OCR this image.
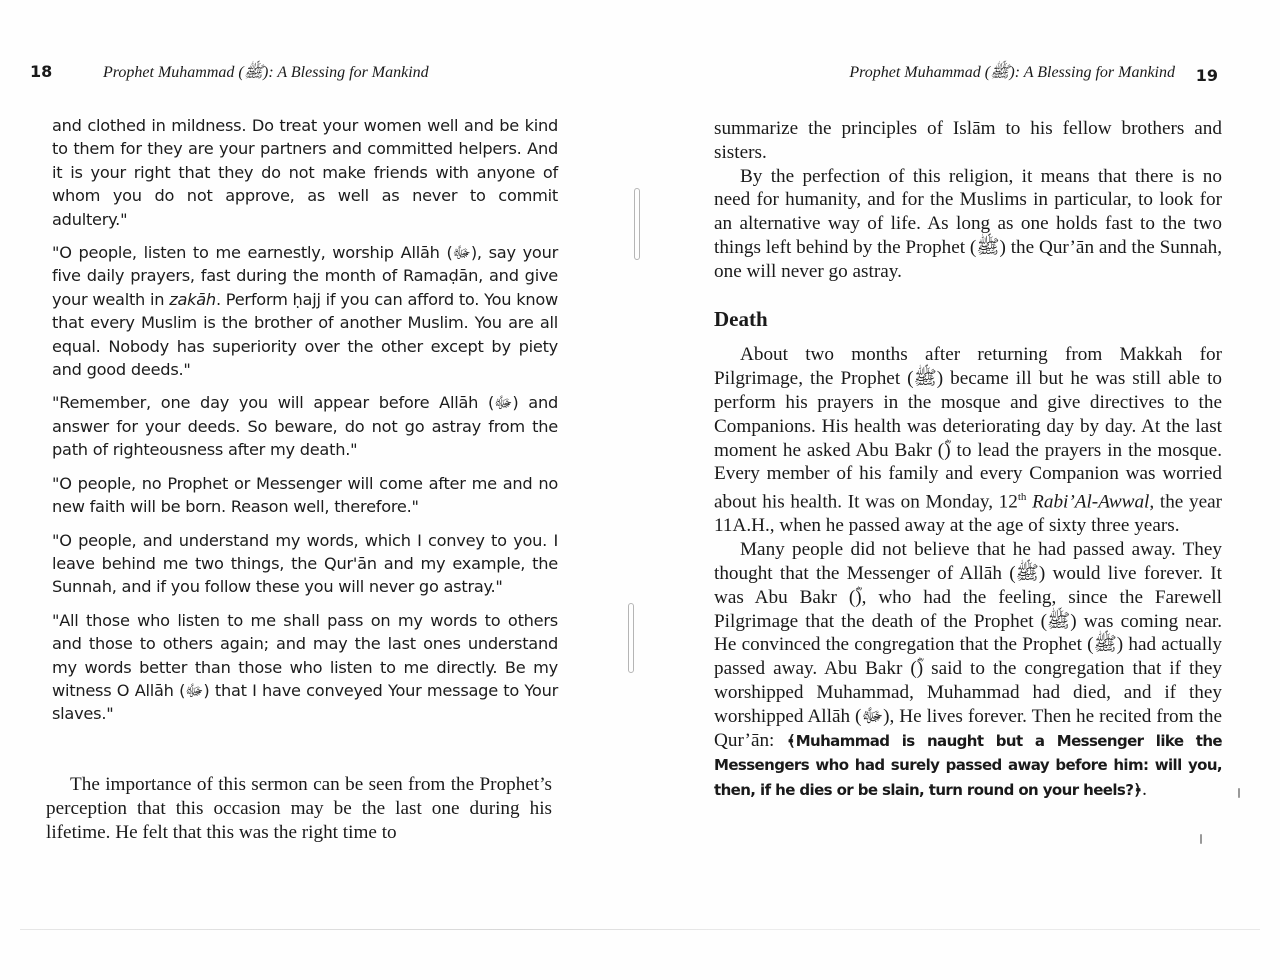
18	Prophet Muhammad (ﷺ): A Blessing for Mankind

and clothed in mildness. Do treat your women well and be kind to them for they are your partners and committed helpers. And it is your right that they do not make friends with anyone of whom you do not approve, as well as never to commit adultery."

"O people, listen to me earnestly, worship Allāh (ﷻ), say your five daily prayers, fast during the month of Ramaḍān, and give your wealth in zakāh. Perform ḥajj if you can afford to. You know that every Muslim is the brother of another Muslim. You are all equal. Nobody has superiority over the other except by piety and good deeds."

"Remember, one day you will appear before Allāh (ﷻ) and answer for your deeds. So beware, do not go astray from the path of righteousness after my death."

"O people, no Prophet or Messenger will come after me and no new faith will be born. Reason well, therefore."

"O people, and understand my words, which I convey to you. I leave behind me two things, the Qur'ān and my example, the Sunnah, and if you follow these you will never go astray."

"All those who listen to me shall pass on my words to others and those to others again; and may the last ones understand my words better than those who listen to me directly. Be my witness O Allāh (ﷻ) that I have conveyed Your message to Your slaves."

The importance of this sermon can be seen from the Prophet’s perception that this occasion may be the last one during his lifetime. He felt that this was the right time to

Prophet Muhammad (ﷺ): A Blessing for Mankind 19

summarize the principles of Islām to his fellow brothers and sisters.

By the perfection of this religion, it means that there is no need for humanity, and for the Muslims in particular, to look for an alternative way of life. As long as one holds fast to the two things left behind by the Prophet (ﷺ) the Qur’ān and the Sunnah, one will never go astray.

Death

About two months after returning from Makkah for Pilgrimage, the Prophet (ﷺ) became ill but he was still able to perform his prayers in the mosque and give directives to the Companions. His health was deteriorating day by day. At the last moment he asked Abu Bakr (ؓ) to lead the prayers in the mosque. Every member of his family and every Companion was worried about his health. It was on Monday, 12th Rabi’Al-Awwal, the year 11A.H., when he passed away at the age of sixty three years.

Many people did not believe that he had passed away. They thought that the Messenger of Allāh (ﷺ) would live forever. It was Abu Bakr (ؓ), who had the feeling, since the Farewell Pilgrimage that the death of the Prophet (ﷺ) was coming near. He convinced the congregation that the Prophet (ﷺ) had actually passed away. Abu Bakr (ؓ) said to the congregation that if they worshipped Muhammad, Muhammad had died, and if they worshipped Allāh (ﷻ), He lives forever. Then he recited from the Qur’ān: ﴾Muhammad is naught but a Messenger like the Messengers who had surely passed away before him: will you, then, if he dies or be slain, turn round on your heels?﴿.
